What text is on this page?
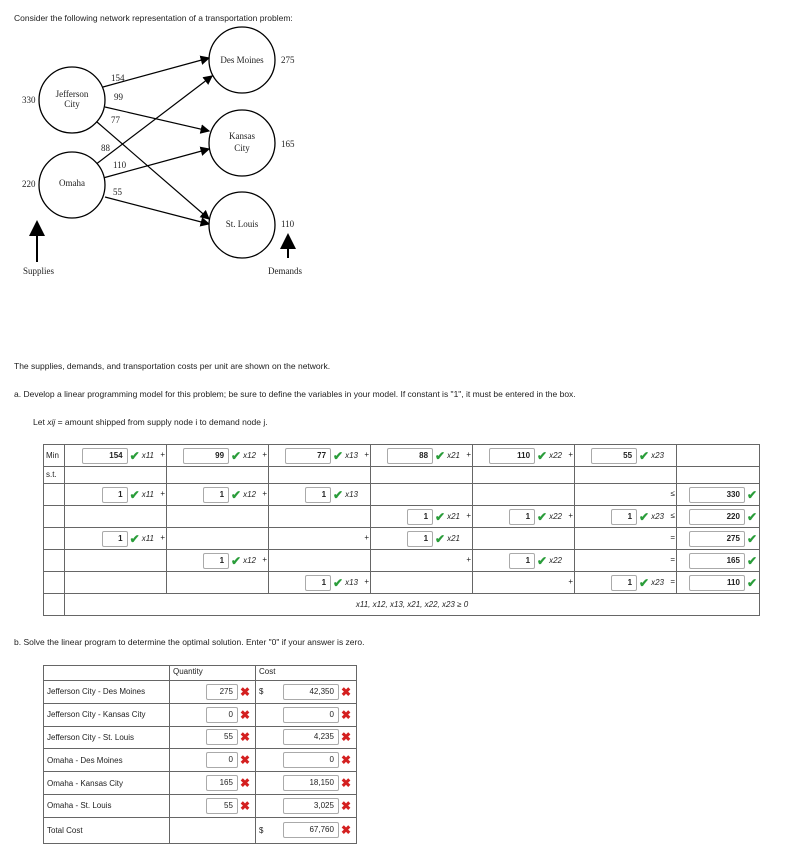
Consider the following network representation of a transportation problem:
Jefferson
City
Omaha
Des Moines
Kansas
City
St. Louis
330
220
275
165
110
154
99
77
88
110
55
Supplies	Demands
The supplies, demands, and transportation costs per unit are shown on the network.
a. Develop a linear programming model for this problem; be sure to define the variables in your model. If constant is "1", it must be entered in the box.
Let xij = amount shipped from supply node i to demand node j.
Min	154 ✔ x11 +	99 ✔ x12 +	77 ✔ x13 +	88 ✔ x21 +	110 ✔ x22 +	55 ✔ x23	

s.t.							

	1 ✔ x11 +	1 ✔ x12 +	1 ✔ x13			≤	330 ✔

				1 ✔ x21 +	1 ✔ x22 +	1 ✔ x23 ≤	220 ✔

	1 ✔ x11 +		+	1 ✔ x21		=	275 ✔

		1 ✔ x12 +		+	1 ✔ x22	=	165 ✔

			1 ✔ x13 +		+	1 ✔ x23 =	110 ✔

	x11, x12, x13, x21, x22, x23 ≥ 0						
b. Solve the linear program to determine the optimal solution. Enter "0" if your answer is zero.
	Quantity	Cost
Jefferson City - Des Moines	275 ✖	$ 42,350 ✖

Jefferson City - Kansas City	0 ✖	0 ✖

Jefferson City - St. Louis	55 ✖	4,235 ✖

Omaha - Des Moines	0 ✖	0 ✖

Omaha - Kansas City	165 ✖	18,150 ✖

Omaha - St. Louis	55 ✖	3,025 ✖

Total Cost		$ 67,760 ✖
